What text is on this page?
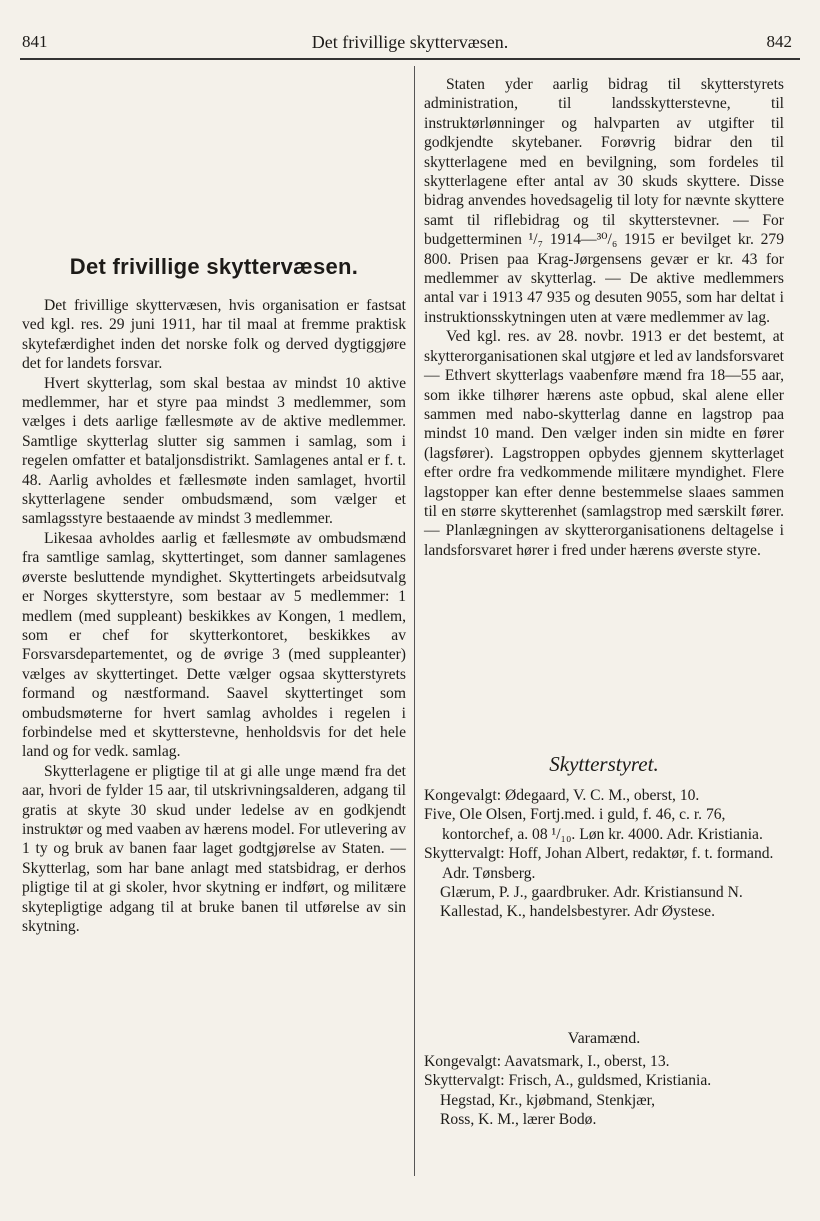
841	Det frivillige skyttervæsen.	842
Det frivillige skyttervæsen.

Det frivillige skyttervæsen, hvis organisation er fastsat ved kgl. res. 29 juni 1911, har til maal at fremme praktisk skytefærdighet inden det norske folk og derved dygtiggjøre det for landets forsvar.

Hvert skytterlag, som skal bestaa av mindst 10 aktive medlemmer, har et styre paa mindst 3 medlemmer, som vælges i dets aarlige fællesmøte av de aktive medlemmer. Samtlige skytterlag slutter sig sammen i samlag, som i regelen omfatter et bataljonsdistrikt. Samlagenes antal er f. t. 48. Aarlig avholdes et fællesmøte inden samlaget, hvortil skytterlagene sender ombudsmænd, som vælger et samlagsstyre bestaaende av mindst 3 medlemmer.

Likesaa avholdes aarlig et fællesmøte av ombudsmænd fra samtlige samlag, skyttertinget, som danner samlagenes øverste besluttende myndighet. Skyttertingets arbeidsutvalg er Norges skytterstyre, som bestaar av 5 medlemmer: 1 medlem (med suppleant) beskikkes av Kongen, 1 medlem, som er chef for skytterkontoret, beskikkes av Forsvarsdepartementet, og de øvrige 3 (med suppleanter) vælges av skyttertinget. Dette vælger ogsaa skytterstyrets formand og næstformand. Saavel skyttertinget som ombudsmøterne for hvert samlag avholdes i regelen i forbindelse med et skytterstevne, henholdsvis for det hele land og for vedk. samlag.

Skytterlagene er pligtige til at gi alle unge mænd fra det aar, hvori de fylder 15 aar, til utskrivningsalderen, adgang til gratis at skyte 30 skud under ledelse av en godkjendt instruktør og med vaaben av hærens model. For utlevering av 1 ty og bruk av banen faar laget godtgjørelse av Staten. — Skytterlag, som har bane anlagt med statsbidrag, er derhos pligtige til at gi skoler, hvor skytning er indført, og militære skytepligtige adgang til at bruke banen til utførelse av sin skytning.

Staten yder aarlig bidrag til skytterstyrets administration, til landsskytterstevne, til instruktørlønninger og halvparten av utgifter til godkjendte skytebaner. Forøvrig bidrar den til skytterlagene med en bevilgning, som fordeles til skytterlagene efter antal av 30 skuds skyttere. Disse bidrag anvendes hovedsagelig til loty for nævnte skyttere samt til riflebidrag og til skytterstevner. — For budgetterminen ¹/₇ 1914—³⁰/₆ 1915 er bevilget kr. 279 800. Prisen paa Krag-Jørgensens gevær er kr. 43 for medlemmer av skytterlag. — De aktive medlemmers antal var i 1913 47 935 og desuten 9055, som har deltat i instruktionsskytningen uten at være medlemmer av lag.

Ved kgl. res. av 28. novbr. 1913 er det bestemt, at skytterorganisationen skal utgjøre et led av landsforsvaret — Ethvert skytterlags vaabenføre mænd fra 18—55 aar, som ikke tilhører hærens aste opbud, skal alene eller sammen med nabo-skytterlag danne en lagstrop paa mindst 10 mand. Den vælger inden sin midte en fører (lagsfører). Lagstroppen opbydes gjennem skytterlaget efter ordre fra vedkommende militære myndighet. Flere lagstopper kan efter denne bestemmelse slaaes sammen til en større skytterenhet (samlagstrop med særskilt fører. — Planlægningen av skytterorganisationens deltagelse i landsforsvaret hører i fred under hærens øverste styre.

Skytterstyret.

Kongevalgt: Ødegaard, V. C. M., oberst, 10.

Five, Ole Olsen, Fortj.med. i guld, f. 46, c. r. 76, kontorchef, a. 08 ¹/₁₀. Løn kr. 4000. Adr. Kristiania.

Skyttervalgt: Hoff, Johan Albert, redaktør, f. t. formand. Adr. Tønsberg.

Glærum, P. J., gaardbruker. Adr. Kristiansund N.

Kallestad, K., handelsbestyrer. Adr Øystese.

Varamænd.

Kongevalgt: Aavatsmark, I., oberst, 13.

Skyttervalgt: Frisch, A., guldsmed, Kristiania.

Hegstad, Kr., kjøbmand, Stenkjær,

Ross, K. M., lærer Bodø.
